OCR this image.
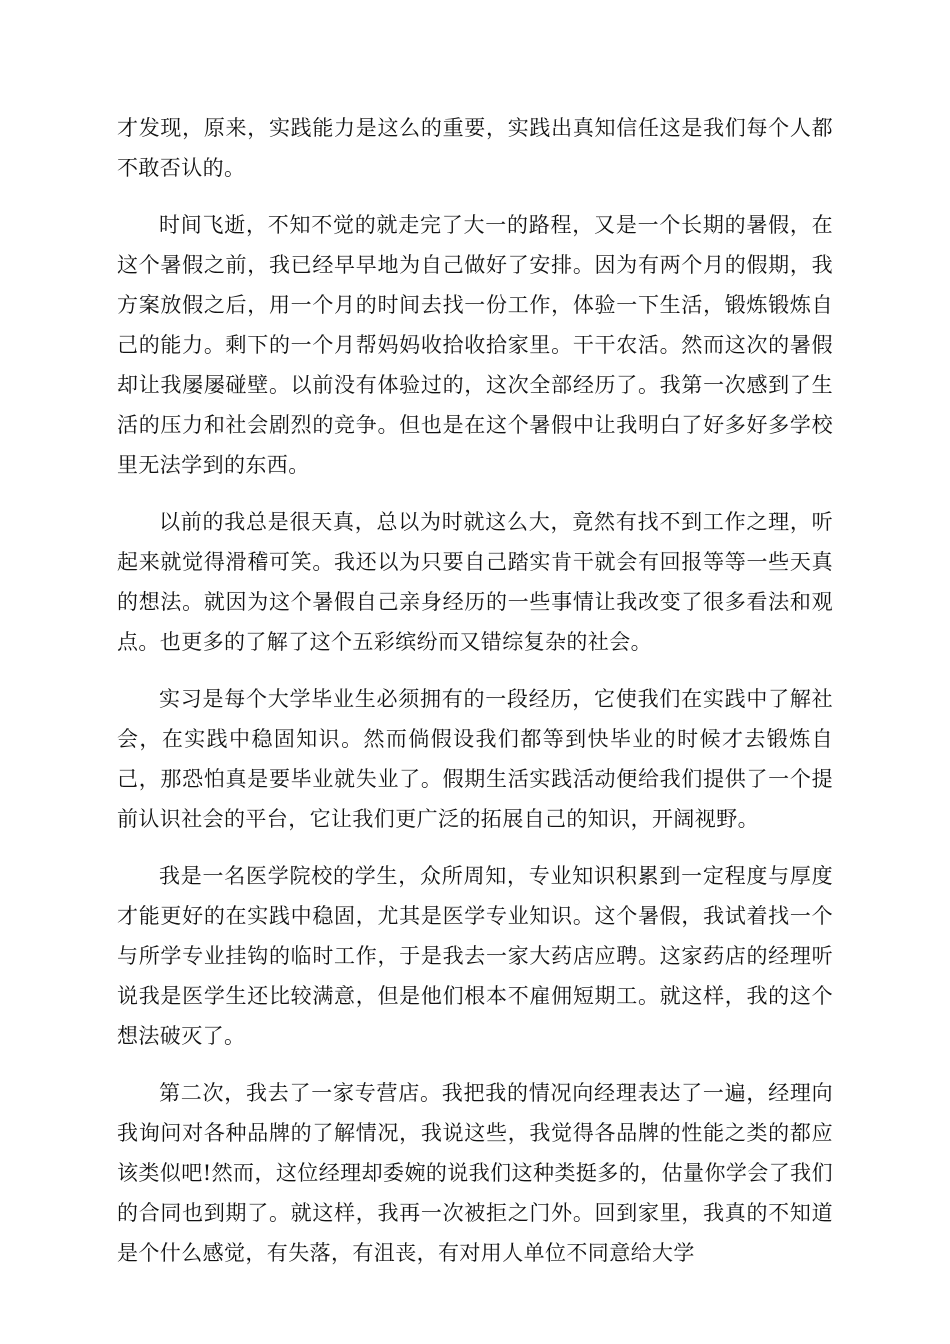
才发现，原来，实践能力是这么的重要，实践出真知信任这是我们每个人都不敢否认的。

时间飞逝，不知不觉的就走完了大一的路程，又是一个长期的暑假，在这个暑假之前，我已经早早地为自己做好了安排。因为有两个月的假期，我方案放假之后，用一个月的时间去找一份工作，体验一下生活，锻炼锻炼自己的能力。剩下的一个月帮妈妈收拾收拾家里。干干农活。然而这次的暑假却让我屡屡碰壁。以前没有体验过的，这次全部经历了。我第一次感到了生活的压力和社会剧烈的竞争。但也是在这个暑假中让我明白了好多好多学校里无法学到的东西。

以前的我总是很天真，总以为时就这么大，竟然有找不到工作之理，听起来就觉得滑稽可笑。我还以为只要自己踏实肯干就会有回报等等一些天真的想法。就因为这个暑假自己亲身经历的一些事情让我改变了很多看法和观点。也更多的了解了这个五彩缤纷而又错综复杂的社会。

实习是每个大学毕业生必须拥有的一段经历，它使我们在实践中了解社会，在实践中稳固知识。然而倘假设我们都等到快毕业的时候才去锻炼自己，那恐怕真是要毕业就失业了。假期生活实践活动便给我们提供了一个提前认识社会的平台，它让我们更广泛的拓展自己的知识，开阔视野。

我是一名医学院校的学生，众所周知，专业知识积累到一定程度与厚度才能更好的在实践中稳固，尤其是医学专业知识。这个暑假，我试着找一个与所学专业挂钩的临时工作，于是我去一家大药店应聘。这家药店的经理听说我是医学生还比较满意，但是他们根本不雇佣短期工。就这样，我的这个想法破灭了。

第二次，我去了一家专营店。我把我的情况向经理表达了一遍，经理向我询问对各种品牌的了解情况，我说这些，我觉得各品牌的性能之类的都应该类似吧!然而，这位经理却委婉的说我们这种类挺多的，估量你学会了我们的合同也到期了。就这样，我再一次被拒之门外。回到家里，我真的不知道是个什么感觉，有失落，有沮丧，有对用人单位不同意给大学
